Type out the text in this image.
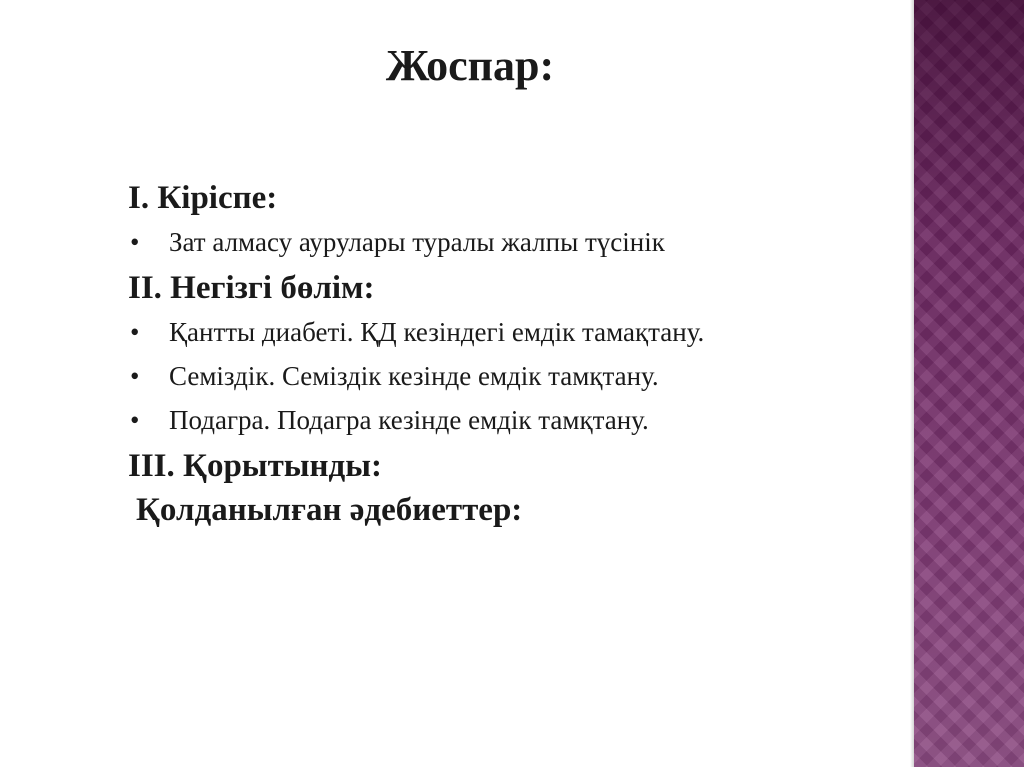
Жоспар:

I. Кіріспе:

• Зат алмасу аурулары туралы жалпы түсінік

II. Негізгі бөлім:

• Қантты диабеті. ҚД кезіндегі емдік тамақтану.
• Семіздік. Семіздік кезінде емдік тамқтану.
• Подагра. Подагра кезінде емдік тамқтану.

III. Қорытынды:

Қолданылған әдебиеттер:
